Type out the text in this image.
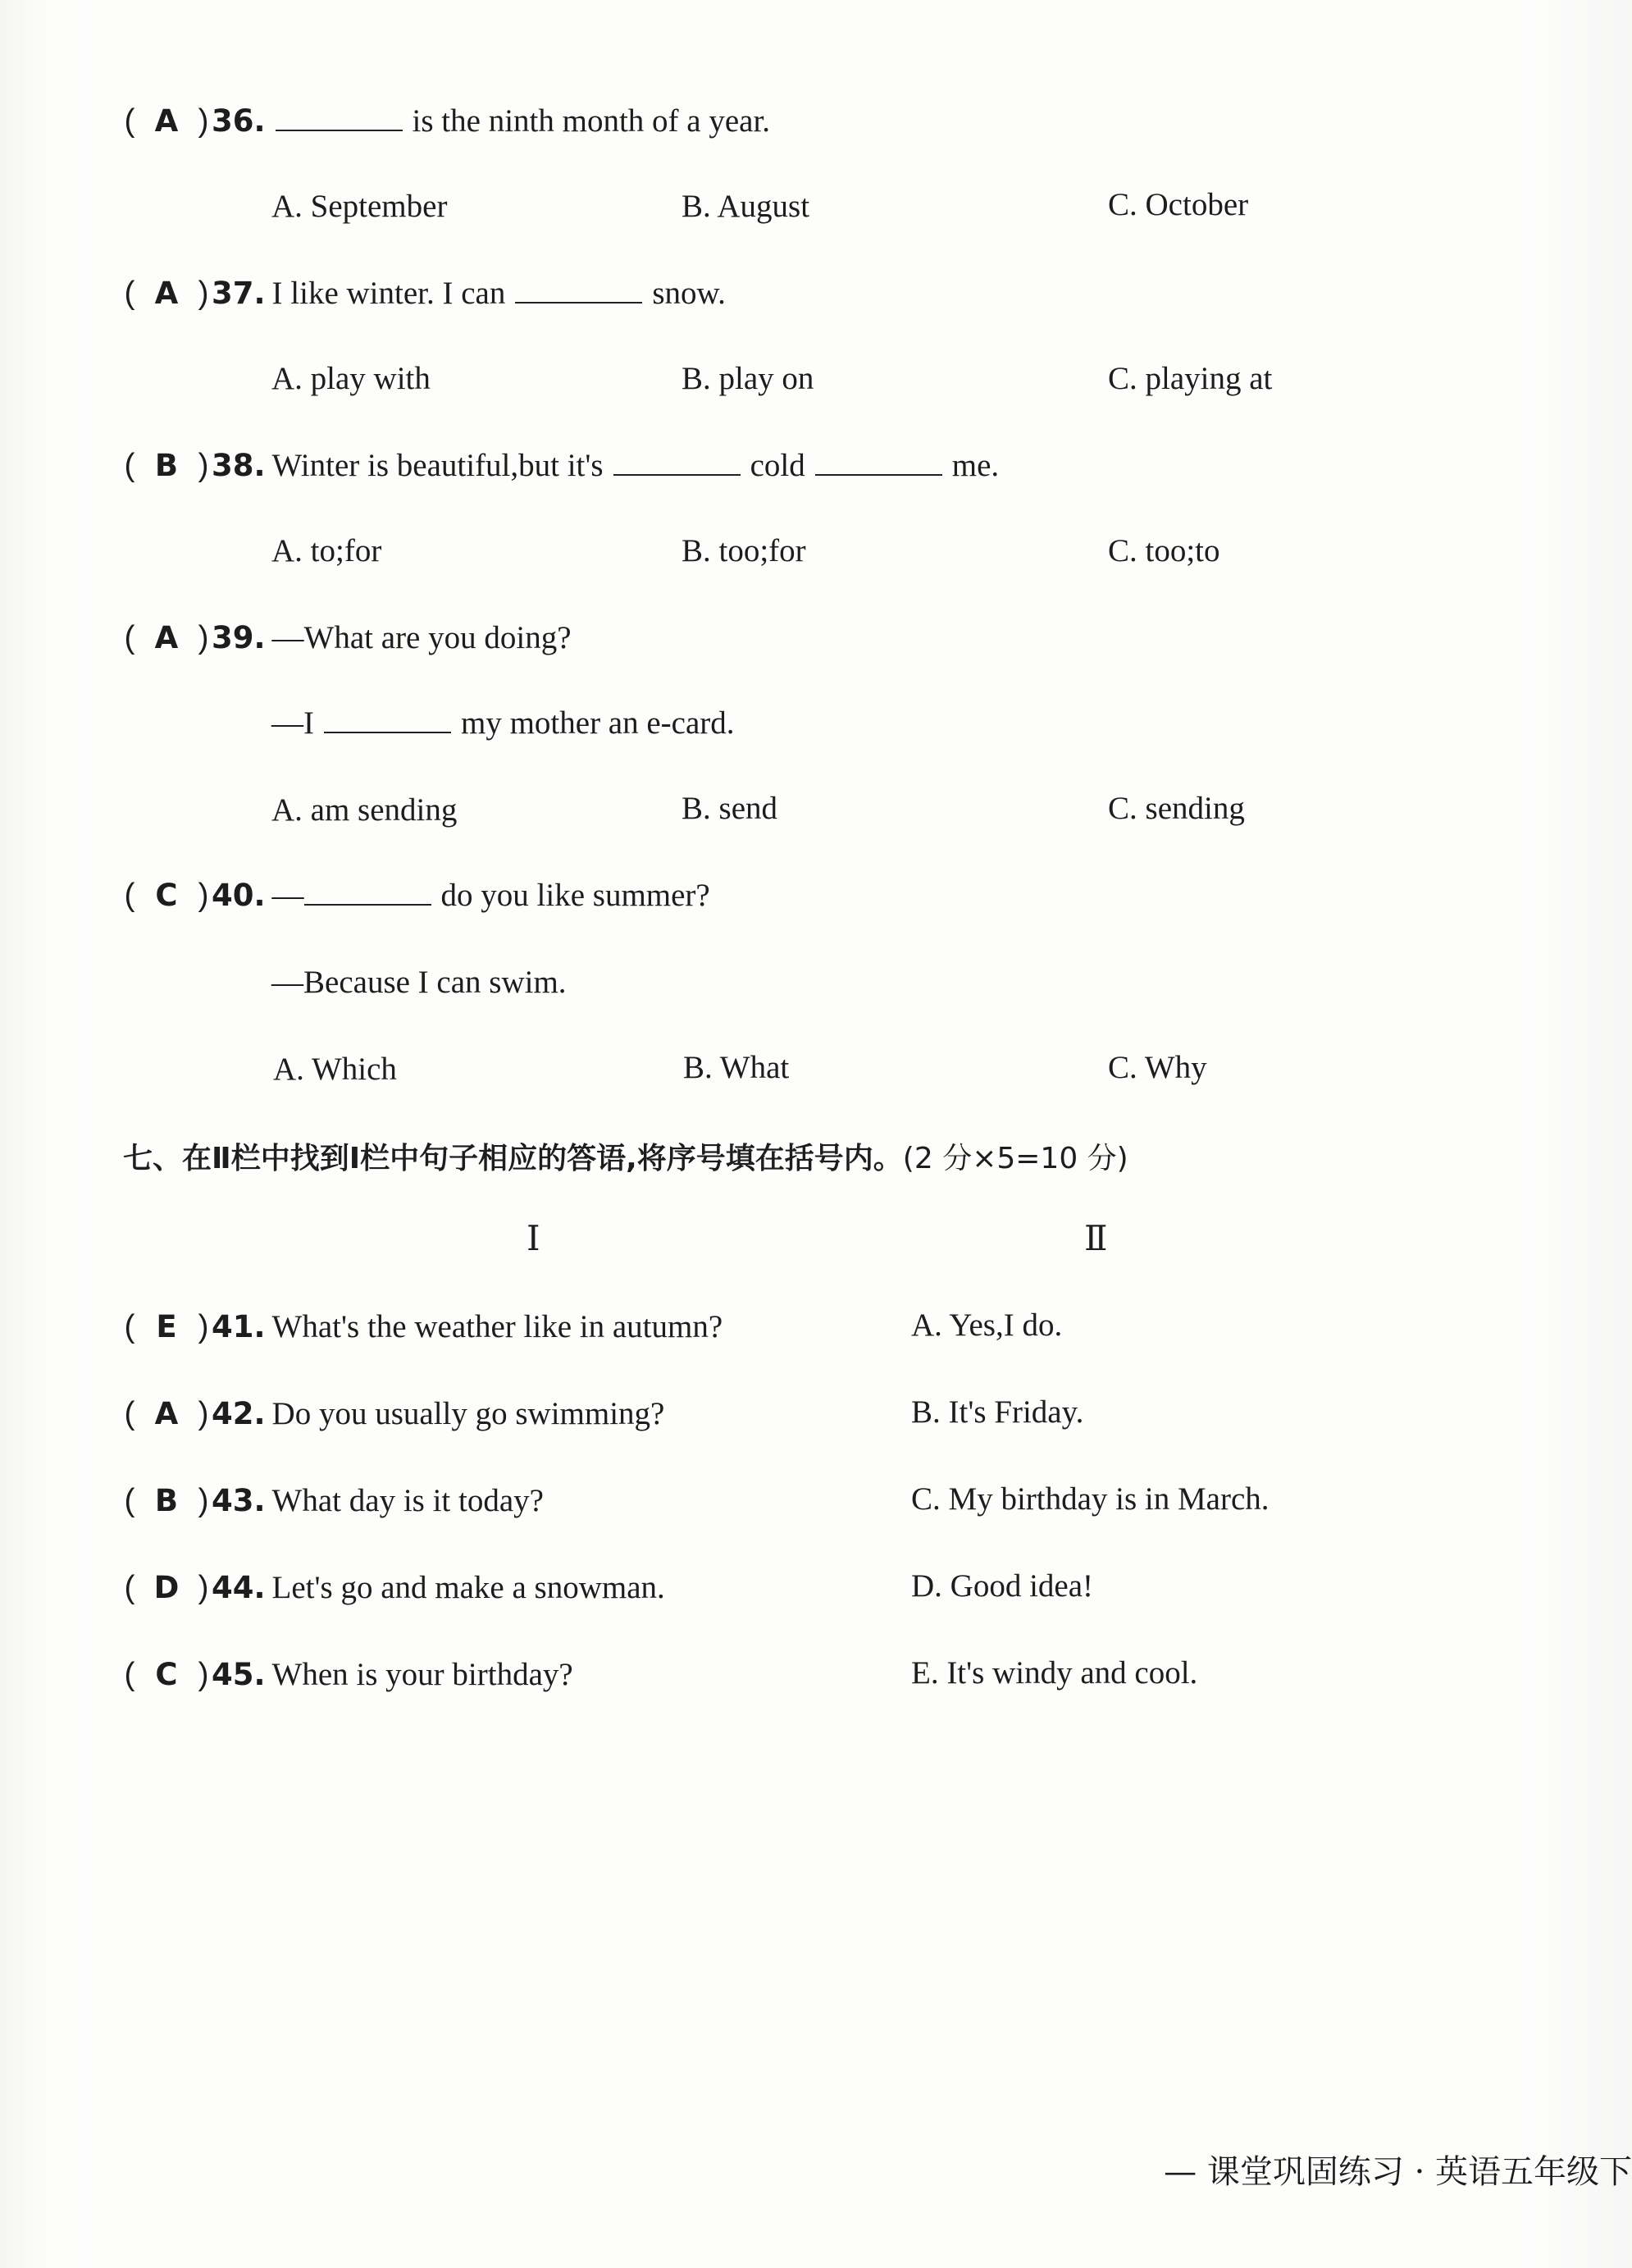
( A )36.	is the ninth month of a year.
A. September	B. August	C. October
( A )37. I like winter. I can	snow.
A. play with	B. play on	C. playing at
( B )38. Winter is beautiful,but it's	cold	me.
A. to;for	B. too;for	C. too;to
( A )39. —What are you doing?
—I	my mother an e-card.
A. am sending	B. send	C. sending
( C )40. —	do you like summer?
—Because I can swim.
A. Which	B. What	C. Why
七、在Ⅱ栏中找到Ⅰ栏中句子相应的答语,将序号填在括号内。(2 分×5=10 分)
Ⅰ	Ⅱ
( E )41. What's the weather like in autumn?	A. Yes,I do.
( A )42. Do you usually go swimming?	B. It's Friday.
( B )43. What day is it today?	C. My birthday is in March.
( D )44. Let's go and make a snowman.	D. Good idea!
( C )45. When is your birthday?	E. It's windy and cool.
— 课堂巩固练习 · 英语五年级下
